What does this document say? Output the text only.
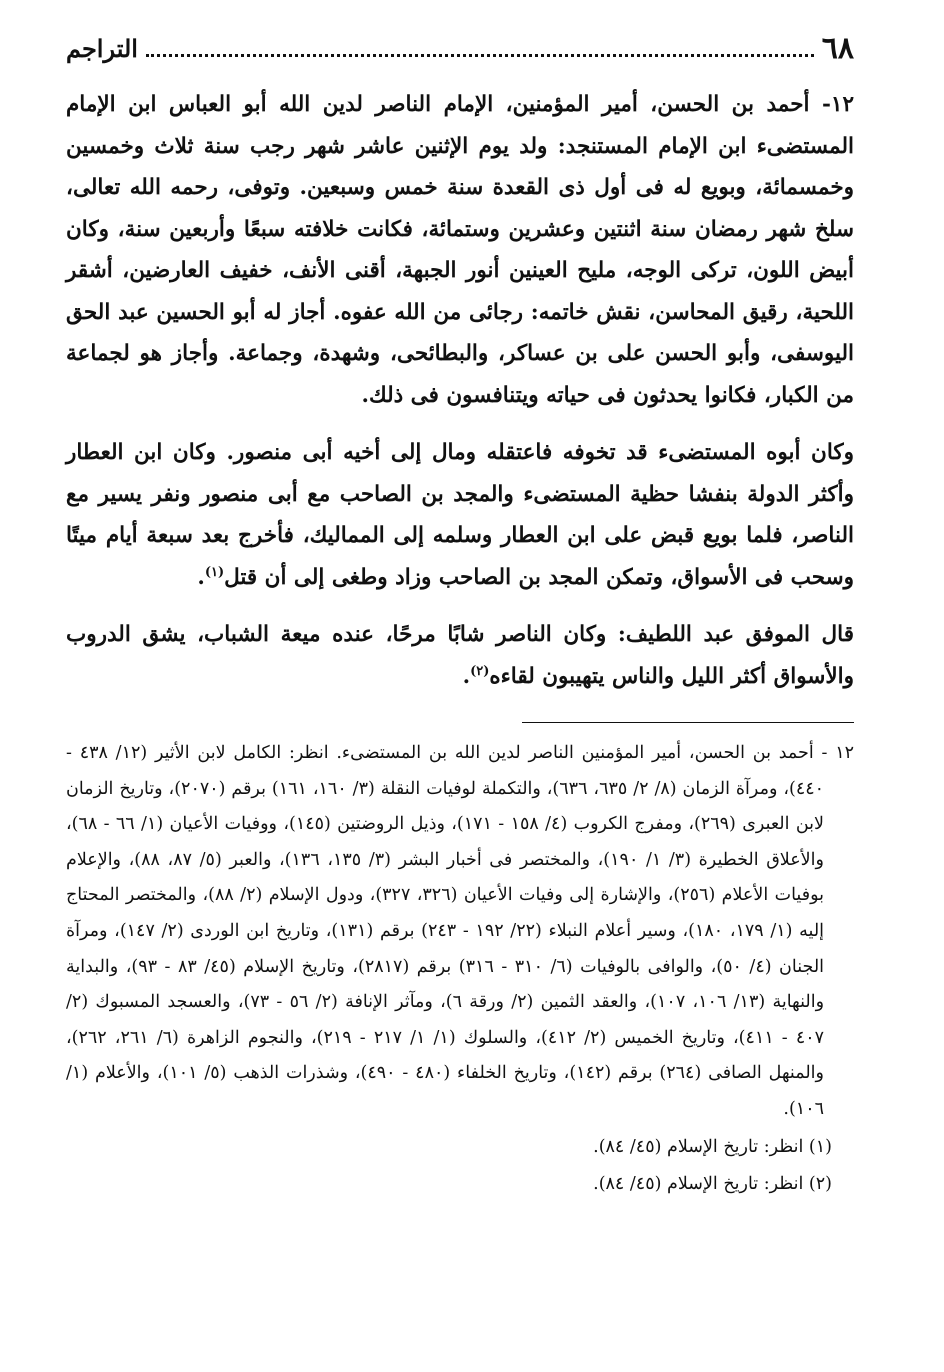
٦٨
التراجم

١٢- أحمد بن الحسن، أمير المؤمنين، الإمام الناصر لدين الله أبو العباس ابن الإمام المستضىء ابن الإمام المستنجد: ولد يوم الإثنين عاشر شهر رجب سنة ثلاث وخمسين وخمسمائة، وبويع له فى أول ذى القعدة سنة خمس وسبعين. وتوفى، رحمه الله تعالى، سلخ شهر رمضان سنة اثنتين وعشرين وستمائة، فكانت خلافته سبعًا وأربعين سنة، وكان أبيض اللون، تركى الوجه، مليح العينين أنور الجبهة، أقنى الأنف، خفيف العارضين، أشقر اللحية، رقيق المحاسن، نقش خاتمه: رجائى من الله عفوه. أجاز له أبو الحسين عبد الحق اليوسفى، وأبو الحسن على بن عساكر، والبطائحى، وشهدة، وجماعة. وأجاز هو لجماعة من الكبار، فكانوا يحدثون فى حياته ويتنافسون فى ذلك.

وكان أبوه المستضىء قد تخوفه فاعتقله ومال إلى أخيه أبى منصور. وكان ابن العطار وأكثر الدولة بنفشا حظية المستضىء والمجد بن الصاحب مع أبى منصور ونفر يسير مع الناصر، فلما بويع قبض على ابن العطار وسلمه إلى المماليك، فأخرج بعد سبعة أيام ميتًا وسحب فى الأسواق، وتمكن المجد بن الصاحب وزاد وطغى إلى أن قتل$^{(١)}$.

قال الموفق عبد اللطيف: وكان الناصر شابًا مرحًا، عنده ميعة الشباب، يشق الدروب والأسواق أكثر الليل والناس يتهيبون لقاءه$^{(٢)}$.

١٢ - أحمد بن الحسن، أمير المؤمنين الناصر لدين الله بن المستضىء. انظر: الكامل لابن الأثير (١٢/ ٤٣٨ - ٤٤٠)، ومرآة الزمان (٨/ ٢/ ٦٣٥، ٦٣٦)، والتكملة لوفيات النقلة (٣/ ١٦٠، ١٦١) برقم (٢٠٧٠)، وتاريخ الزمان لابن العبرى (٢٦٩)، ومفرج الكروب (٤/ ١٥٨ - ١٧١)، وذيل الروضتين (١٤٥)، ووفيات الأعيان (١/ ٦٦ - ٦٨)، والأعلاق الخطيرة (٣/ ١/ ١٩٠)، والمختصر فى أخبار البشر (٣/ ١٣٥، ١٣٦)، والعبر (٥/ ٨٧، ٨٨)، والإعلام بوفيات الأعلام (٢٥٦)، والإشارة إلى وفيات الأعيان (٣٢٦، ٣٢٧)، ودول الإسلام (٢/ ٨٨)، والمختصر المحتاج إليه (١/ ١٧٩، ١٨٠)، وسير أعلام النبلاء (٢٢/ ١٩٢ - ٢٤٣) برقم (١٣١)، وتاريخ ابن الوردى (٢/ ١٤٧)، ومرآة الجنان (٤/ ٥٠)، والوافى بالوفيات (٦/ ٣١٠ - ٣١٦) برقم (٢٨١٧)، وتاريخ الإسلام (٤٥/ ٨٣ - ٩٣)، والبداية والنهاية (١٣/ ١٠٦، ١٠٧)، والعقد الثمين (٢/ ورقة ٦)، ومآثر الإنافة (٢/ ٥٦ - ٧٣)، والعسجد المسبوك (٢/ ٤٠٧ - ٤١١)، وتاريخ الخميس (٢/ ٤١٢)، والسلوك (١/ ١/ ٢١٧ - ٢١٩)، والنجوم الزاهرة (٦/ ٢٦١، ٢٦٢)، والمنهل الصافى (٢٦٤) برقم (١٤٢)، وتاريخ الخلفاء (٤٨٠ - ٤٩٠)، وشذرات الذهب (٥/ ١٠١)، والأعلام (١/ ١٠٦).

(١) انظر: تاريخ الإسلام (٤٥/ ٨٤).

(٢) انظر: تاريخ الإسلام (٤٥/ ٨٤).
